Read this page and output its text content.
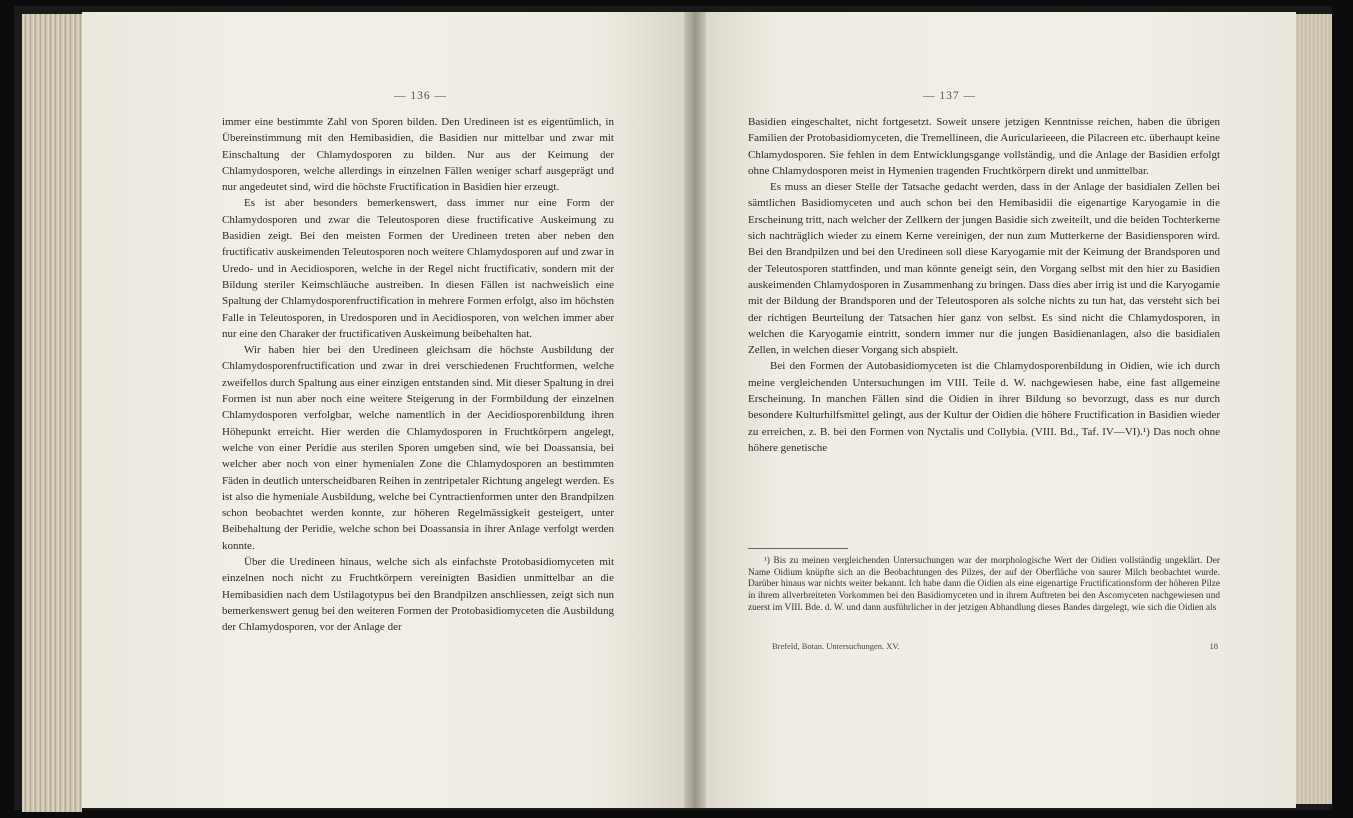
— 136 —	— 137 —

immer eine bestimmte Zahl von Sporen bilden. Den Uredineen ist es eigentümlich, in Übereinstimmung mit den Hemibasidien, die Basidien nur mittelbar und zwar mit Einschaltung der Chlamydosporen zu bilden. Nur aus der Keimung der Chlamydosporen, welche allerdings in einzelnen Fällen weniger scharf ausgeprägt und nur angedeutet sind, wird die höchste Fructification in Basidien hier erzeugt.

Es ist aber besonders bemerkenswert, dass immer nur eine Form der Chlamydosporen und zwar die Teleutosporen diese fructificative Auskeimung zu Basidien zeigt. Bei den meisten Formen der Uredineen treten aber neben den fructificativ auskeimenden Teleutosporen noch weitere Chlamydosporen auf und zwar in Uredo- und in Aecidiosporen, welche in der Regel nicht fructificativ, sondern mit der Bildung steriler Keimschläuche austreiben. In diesen Fällen ist nachweislich eine Spaltung der Chlamydosporenfructification in mehrere Formen erfolgt, also im höchsten Falle in Teleutosporen, in Uredosporen und in Aecidiosporen, von welchen immer aber nur eine den Charaker der fructificativen Auskeimung beibehalten hat.

Wir haben hier bei den Uredineen gleichsam die höchste Ausbildung der Chlamydosporenfructification und zwar in drei verschiedenen Fruchtformen, welche zweifellos durch Spaltung aus einer einzigen entstanden sind. Mit dieser Spaltung in drei Formen ist nun aber noch eine weitere Steigerung in der Formbildung der einzelnen Chlamydosporen verfolgbar, welche namentlich in der Aecidiosporenbildung ihren Höhepunkt erreicht. Hier werden die Chlamydosporen in Fruchtkörpern angelegt, welche von einer Peridie aus sterilen Sporen umgeben sind, wie bei Doassansia, bei welcher aber noch von einer hymenialen Zone die Chlamydosporen an bestimmten Fäden in deutlich unterscheidbaren Reihen in zentripetaler Richtung angelegt werden. Es ist also die hymeniale Ausbildung, welche bei Cyntractienformen unter den Brandpilzen schon beobachtet werden konnte, zur höheren Regelmässigkeit gesteigert, unter Beibehaltung der Peridie, welche schon bei Doassansia in ihrer Anlage verfolgt werden konnte.

Über die Uredineen hinaus, welche sich als einfachste Protobasidiomyceten mit einzelnen noch nicht zu Fruchtkörpern vereinigten Basidien unmittelbar an die Hemibasidien nach dem Ustilagotypus bei den Brandpilzen anschliessen, zeigt sich nun bemerkenswert genug bei den weiteren Formen der Protobasidiomyceten die Ausbildung der Chlamydosporen, vor der Anlage der

Basidien eingeschaltet, nicht fortgesetzt. Soweit unsere jetzigen Kenntnisse reichen, haben die übrigen Familien der Protobasidiomyceten, die Tremellineen, die Auricularieeen, die Pilacreen etc. überhaupt keine Chlamydosporen. Sie fehlen in dem Entwicklungsgange vollständig, und die Anlage der Basidien erfolgt ohne Chlamydosporen meist in Hymenien tragenden Fruchtkörpern direkt und unmittelbar.

Es muss an dieser Stelle der Tatsache gedacht werden, dass in der Anlage der basidialen Zellen bei sämtlichen Basidiomyceten und auch schon bei den Hemibasidii die eigenartige Karyogamie in die Erscheinung tritt, nach welcher der Zellkern der jungen Basidie sich zweiteilt, und die beiden Tochterkerne sich nachträglich wieder zu einem Kerne vereinigen, der nun zum Mutterkerne der Basidiensporen wird. Bei den Brandpilzen und bei den Uredineen soll diese Karyogamie mit der Keimung der Brandsporen und der Teleutosporen stattfinden, und man könnte geneigt sein, den Vorgang selbst mit den hier zu Basidien auskeimenden Chlamydosporen in Zusammenhang zu bringen. Dass dies aber irrig ist und die Karyogamie mit der Bildung der Brandsporen und der Teleutosporen als solche nichts zu tun hat, das versteht sich bei der richtigen Beurteilung der Tatsachen hier ganz von selbst. Es sind nicht die Chlamydosporen, in welchen die Karyogamie eintritt, sondern immer nur die jungen Basidienanlagen, also die basidialen Zellen, in welchen dieser Vorgang sich abspielt.

Bei den Formen der Autobasidiomyceten ist die Chlamydosporenbildung in Oidien, wie ich durch meine vergleichenden Untersuchungen im VIII. Teile d. W. nachgewiesen habe, eine fast allgemeine Erscheinung. In manchen Fällen sind die Oidien in ihrer Bildung so bevorzugt, dass es nur durch besondere Kulturhilfsmittel gelingt, aus der Kultur der Oidien die höhere Fructification in Basidien wieder zu erreichen, z. B. bei den Formen von Nyctalis und Collybia. (VIII. Bd., Taf. IV—VI).¹) Das noch ohne höhere genetische

¹) Bis zu meinen vergleichenden Untersuchungen war der morphologische Wert der Oidien vollständig ungeklärt. Der Name Oidium knüpfte sich an die Beobachtungen des Pilzes, der auf der Oberfläche von saurer Milch beobachtet wurde. Darüber hinaus war nichts weiter bekannt. Ich habe dann die Oidien als eine eigenartige Fructificationsform der höheren Pilze in ihrem allverbreiteten Vorkommen bei den Basidiomyceten und in ihrem Auftreten bei den Ascomyceten nachgewiesen und zuerst im VIII. Bde. d. W. und dann ausführlicher in der jetzigen Abhandlung dieses Bandes dargelegt, wie sich die Oidien als

Brefeld, Botan. Untersuchungen. XV.	18
